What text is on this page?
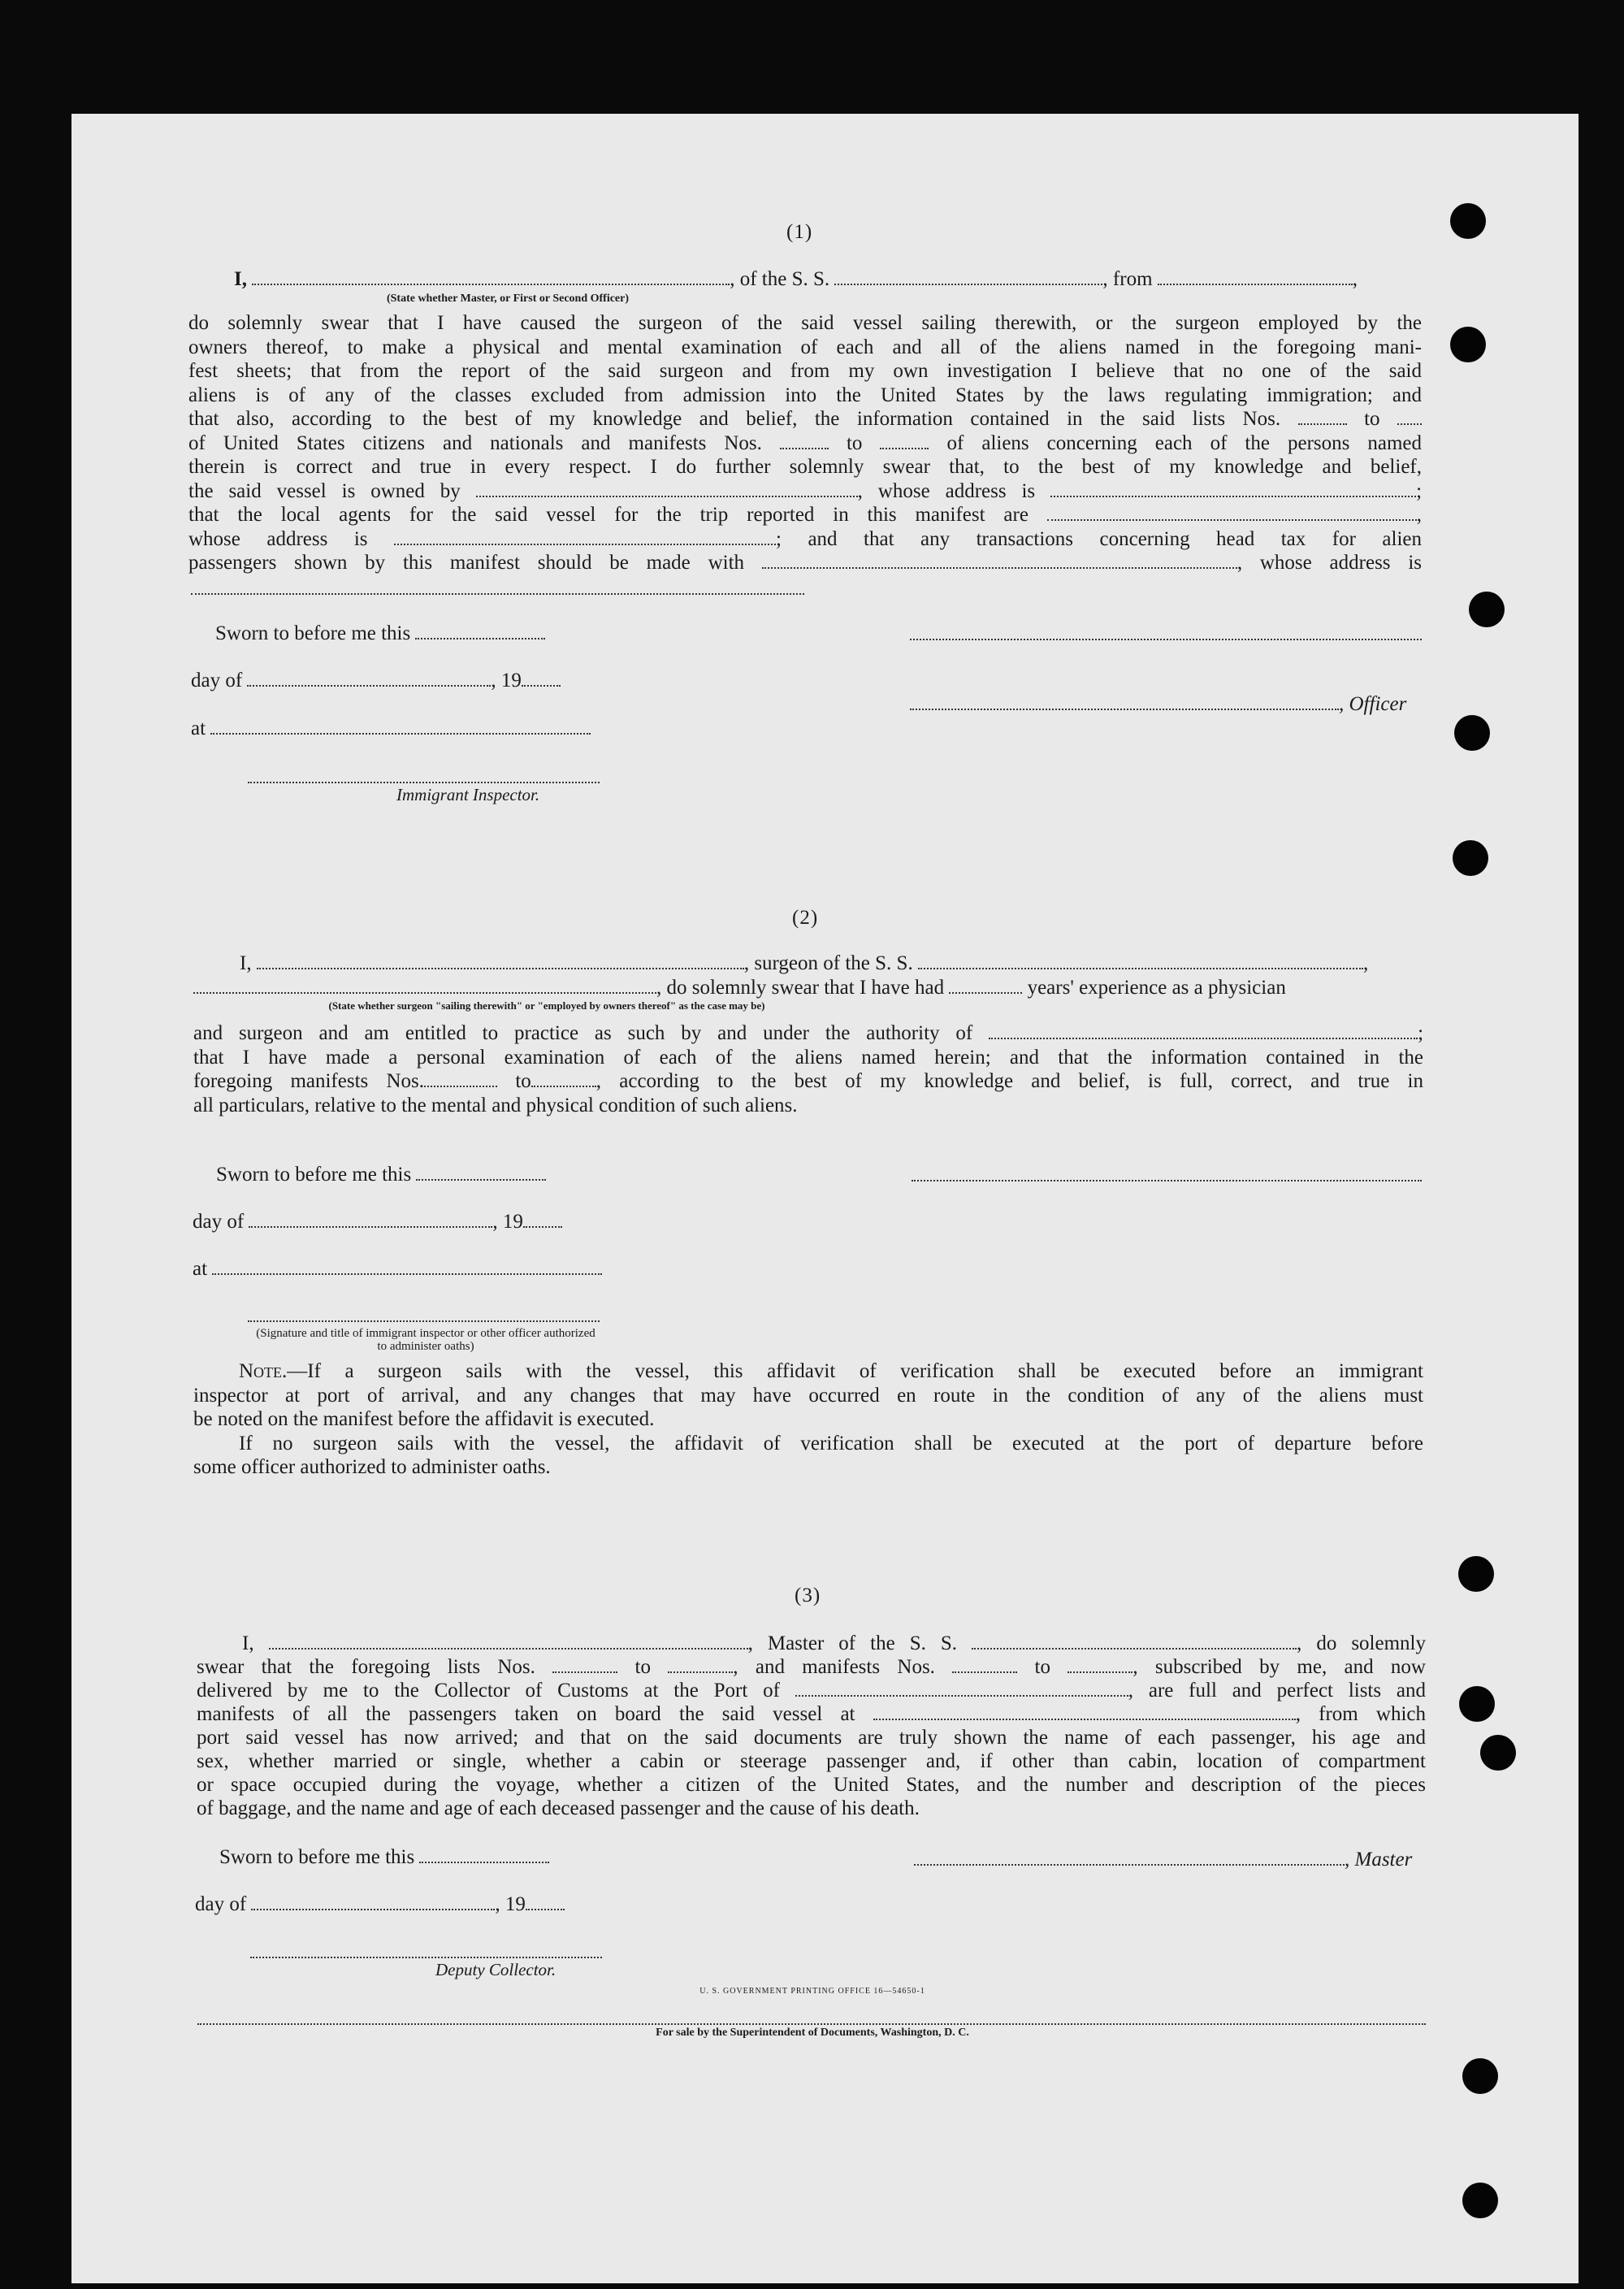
(1)
I,	, of the S. S.	, from	,
(State whether Master, or First or Second Officer)
do solemnly swear that I have caused the surgeon of the said vessel sailing therewith, or the surgeon employed by the
owners thereof, to make a physical and mental examination of each and all of the aliens named in the foregoing mani-
fest sheets; that from the report of the said surgeon and from my own investigation I believe that no one of the said
aliens is of any of the classes excluded from admission into the United States by the laws regulating immigration; and
that also, according to the best of my knowledge and belief, the information contained in the said lists Nos.	to
of United States citizens and nationals and manifests Nos.	to	of aliens concerning each of the persons named
therein is correct and true in every respect. I do further solemnly swear that, to the best of my knowledge and belief,
the said vessel is owned by	, whose address is	;
that the local agents for the said vessel for the trip reported in this manifest are	,
whose address is	; and that any transactions concerning head tax for alien
passengers shown by this manifest should be made with	, whose address is
Sworn to before me this
day of	, 19
, Officer
at
Immigrant Inspector.
(2)
I,	, surgeon of the S. S.	,
, do solemnly swear that I have had	years' experience as a physician
(State whether surgeon "sailing therewith" or "employed by owners thereof" as the case may be)
and surgeon and am entitled to practice as such by and under the authority of	;
that I have made a personal examination of each of the aliens named herein; and that the information contained in the
foregoing manifests Nos.	to	, according to the best of my knowledge and belief, is full, correct, and true in
all particulars, relative to the mental and physical condition of such aliens.
Sworn to before me this
day of	, 19
at
(Signature and title of immigrant inspector or other officer authorized to administer oaths)
Note.—If a surgeon sails with the vessel, this affidavit of verification shall be executed before an immigrant
inspector at port of arrival, and any changes that may have occurred en route in the condition of any of the aliens must
be noted on the manifest before the affidavit is executed.
If no surgeon sails with the vessel, the affidavit of verification shall be executed at the port of departure before
some officer authorized to administer oaths.
(3)
I,	, Master of the S. S.	, do solemnly
swear that the foregoing lists Nos.	to	, and manifests Nos.	to	, subscribed by me, and now
delivered by me to the Collector of Customs at the Port of	, are full and perfect lists and
manifests of all the passengers taken on board the said vessel at	, from which
port said vessel has now arrived; and that on the said documents are truly shown the name of each passenger, his age and
sex, whether married or single, whether a cabin or steerage passenger and, if other than cabin, location of compartment
or space occupied during the voyage, whether a citizen of the United States, and the number and description of the pieces
of baggage, and the name and age of each deceased passenger and the cause of his death.
Sworn to before me this	, Master
day of	, 19
Deputy Collector.
U. S. GOVERNMENT PRINTING OFFICE 16—54650-1
For sale by the Superintendent of Documents, Washington, D. C.
